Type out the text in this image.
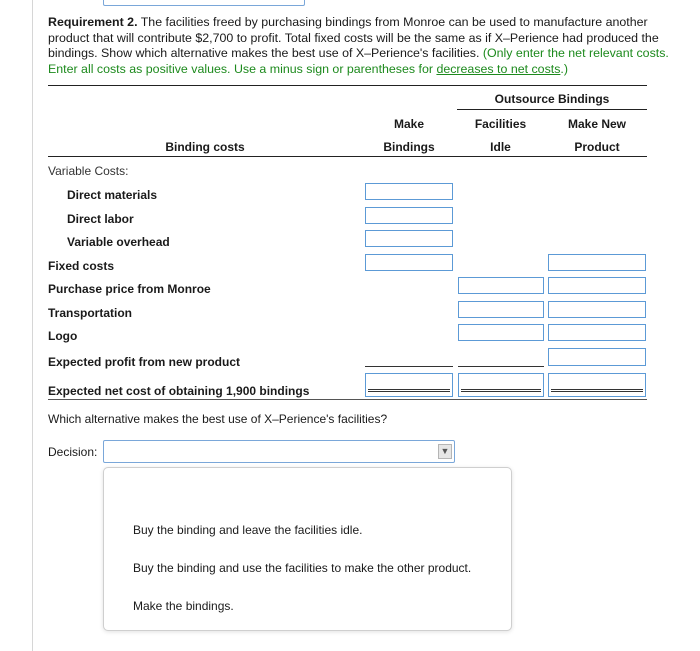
Requirement 2. The facilities freed by purchasing bindings from Monroe can be used to manufacture another product that will contribute $2,700 to profit. Total fixed costs will be the same as if X–Perience had produced the bindings. Show which alternative makes the best use of X–Perience's facilities. (Only enter the net relevant costs. Enter all costs as positive values. Use a minus sign or parentheses for decreases to net costs.)
Outsource Bindings
Make
Bindings
Facilities
Idle
Make New
Product
Binding costs
Variable Costs:
Direct materials
Direct labor
Variable overhead
Fixed costs
Purchase price from Monroe
Transportation
Logo
Expected profit from new product
Expected net cost of obtaining 1,900 bindings
Which alternative makes the best use of X–Perience's facilities?
Decision:	▼
Buy the binding and leave the facilities idle.
Buy the binding and use the facilities to make the other product.
Make the bindings.
